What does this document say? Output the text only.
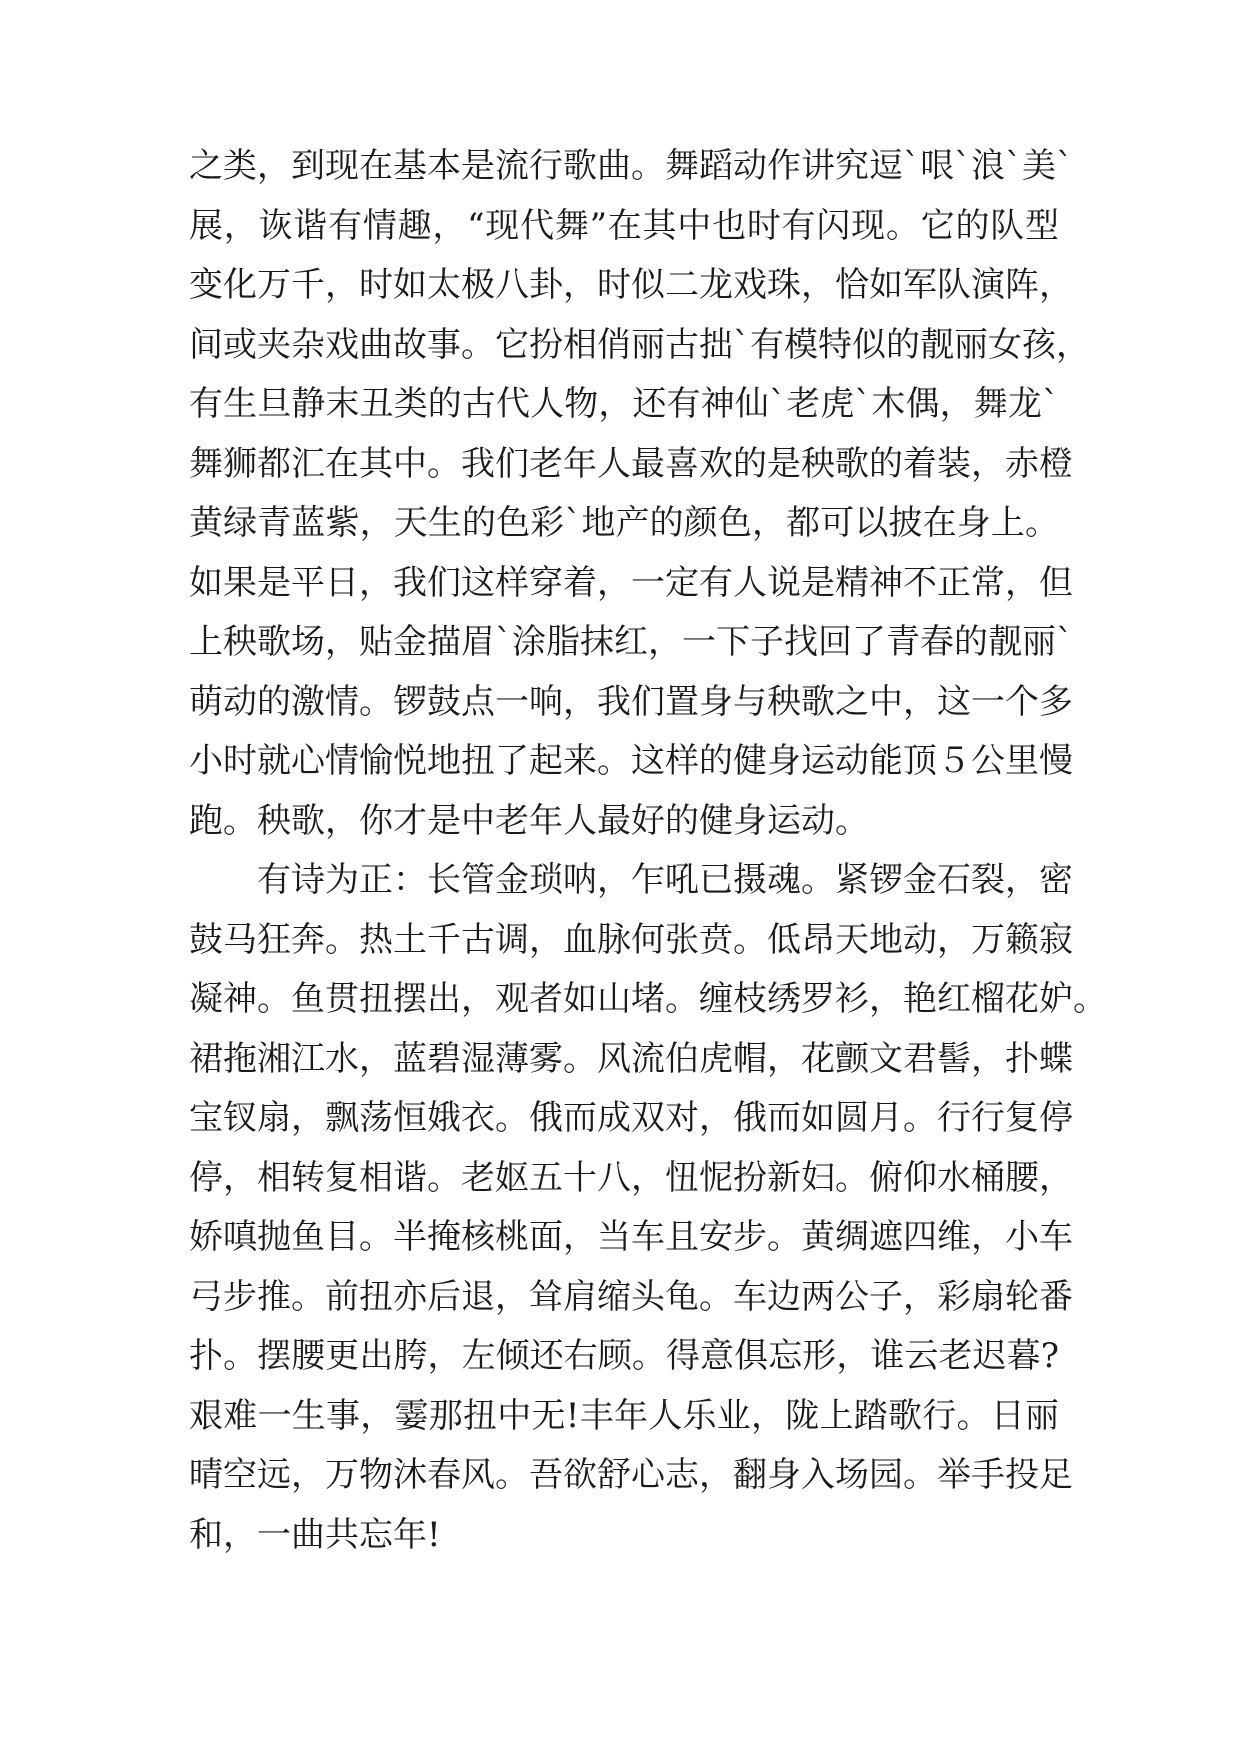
之类，到现在基本是流行歌曲。舞蹈动作讲究逗`哏`浪`美`
展，诙谐有情趣，“现代舞”在其中也时有闪现。它的队型
变化万千，时如太极八卦，时似二龙戏珠，恰如军队演阵，
间或夹杂戏曲故事。它扮相俏丽古拙`有模特似的靓丽女孩，
有生旦静末丑类的古代人物，还有神仙`老虎`木偶，舞龙`
舞狮都汇在其中。我们老年人最喜欢的是秧歌的着装，赤橙
黄绿青蓝紫，天生的色彩`地产的颜色，都可以披在身上。
如果是平日，我们这样穿着，一定有人说是精神不正常，但
上秧歌场，贴金描眉`涂脂抹红，一下子找回了青春的靓丽`
萌动的激情。锣鼓点一响，我们置身与秧歌之中，这一个多
小时就心情愉悦地扭了起来。这样的健身运动能顶５公里慢
跑。秧歌，你才是中老年人最好的健身运动。
有诗为正：长管金琐呐，乍吼已摄魂。紧锣金石裂，密
鼓马狂奔。热土千古调，血脉何张贲。低昂天地动，万籁寂
凝神。鱼贯扭摆出，观者如山堵。缠枝绣罗衫，艳红榴花妒。
裙拖湘江水，蓝碧湿薄雾。风流伯虎帽，花颤文君髻，扑蝶
宝钗扇，飘荡恒娥衣。俄而成双对，俄而如圆月。行行复停
停，相转复相谐。老妪五十八，忸怩扮新妇。俯仰水桶腰，
娇嗔抛鱼目。半掩核桃面，当车且安步。黄绸遮四维，小车
弓步推。前扭亦后退，耸肩缩头龟。车边两公子，彩扇轮番
扑。摆腰更出胯，左倾还右顾。得意俱忘形，谁云老迟暮?
艰难一生事，霎那扭中无!丰年人乐业，陇上踏歌行。日丽
晴空远，万物沐春风。吾欲舒心志，翻身入场园。举手投足
和，一曲共忘年!
